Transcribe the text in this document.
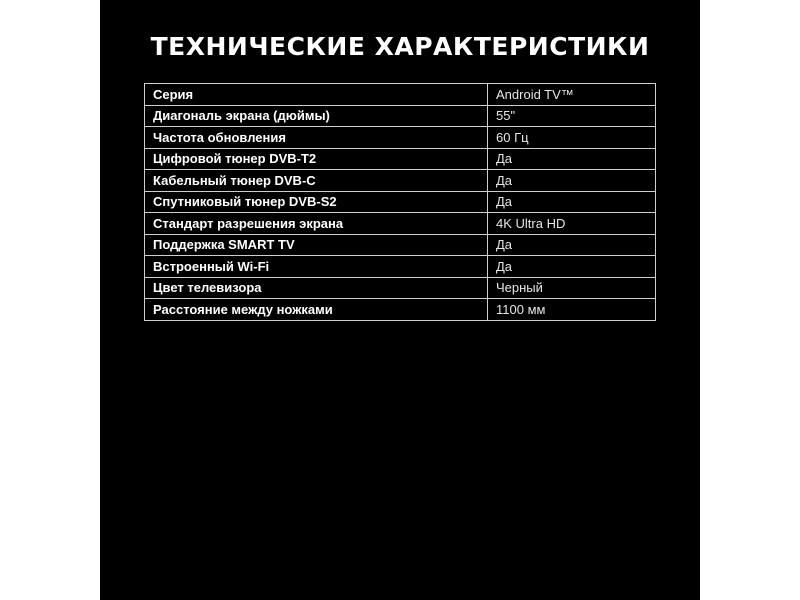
ТЕХНИЧЕСКИЕ ХАРАКТЕРИСТИКИ
Серия	Android TV™
Диагональ экрана (дюймы)	55"
Частота обновления	60 Гц
Цифровой тюнер DVB-T2	Да
Кабельный тюнер DVB-C	Да
Спутниковый тюнер DVB-S2	Да
Стандарт разрешения экрана	4K Ultra HD
Поддержка SMART TV	Да
Встроенный Wi-Fi	Да
Цвет телевизора	Черный
Расстояние между ножками	1100 мм
